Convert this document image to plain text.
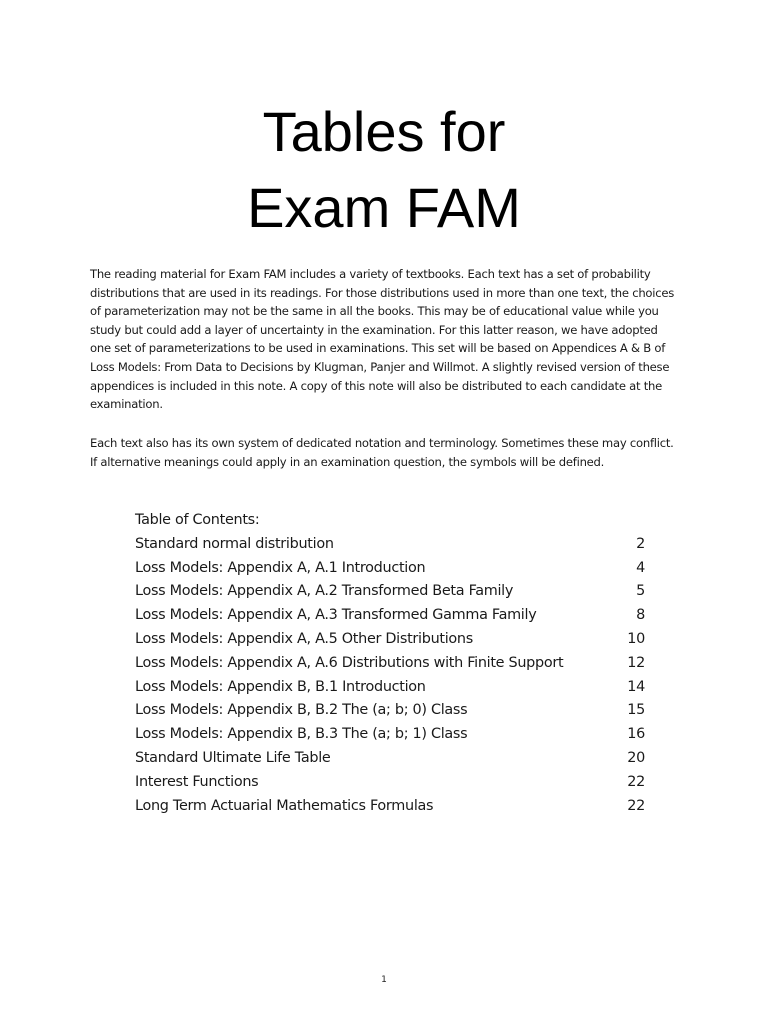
Tables for
Exam FAM

The reading material for Exam FAM includes a variety of textbooks. Each text has a set of probability distributions that are used in its readings. For those distributions used in more than one text, the choices of parameterization may not be the same in all the books. This may be of educational value while you study but could add a layer of uncertainty in the examination. For this latter reason, we have adopted one set of parameterizations to be used in examinations. This set will be based on Appendices A & B of Loss Models: From Data to Decisions by Klugman, Panjer and Willmot. A slightly revised version of these appendices is included in this note. A copy of this note will also be distributed to each candidate at the examination.

Each text also has its own system of dedicated notation and terminology. Sometimes these may conflict. If alternative meanings could apply in an examination question, the symbols will be defined.

Table of Contents:
Standard normal distribution	2
Loss Models: Appendix A, A.1 Introduction	4
Loss Models: Appendix A, A.2 Transformed Beta Family	5
Loss Models: Appendix A, A.3 Transformed Gamma Family	8
Loss Models: Appendix A, A.5 Other Distributions	10
Loss Models: Appendix A, A.6 Distributions with Finite Support	12
Loss Models: Appendix B, B.1 Introduction	14
Loss Models: Appendix B, B.2 The (a; b; 0) Class	15
Loss Models: Appendix B, B.3 The (a; b; 1) Class	16
Standard Ultimate Life Table	20
Interest Functions	22
Long Term Actuarial Mathematics Formulas	22
1
